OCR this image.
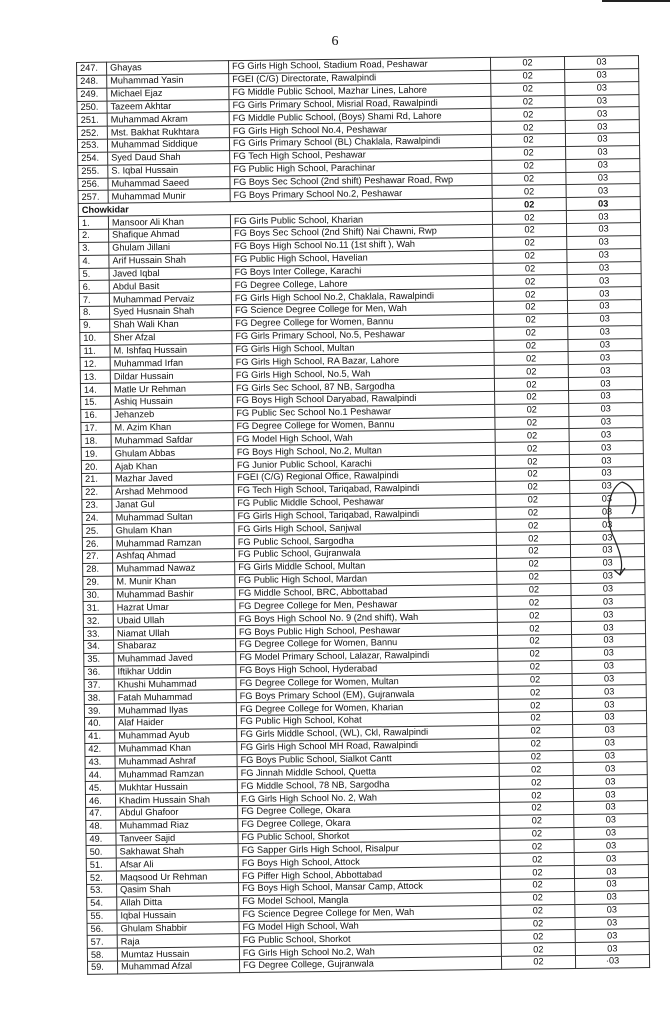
6
247.	Ghayas	FG Girls High School, Stadium Road, Peshawar	02	03
248.	Muhammad Yasin	FGEI (C/G) Directorate, Rawalpindi	02	03
249.	Michael Ejaz	FG Middle Public School, Mazhar Lines, Lahore	02	03
250.	Tazeem Akhtar	FG Girls Primary School, Misrial Road, Rawalpindi	02	03
251.	Muhammad Akram	FG Middle Public School, (Boys) Shami Rd, Lahore	02	03
252.	Mst. Bakhat Rukhtara	FG Girls High School No.4, Peshawar	02	03
253.	Muhammad Siddique	FG Girls Primary School (BL) Chaklala, Rawalpindi	02	03
254.	Syed Daud Shah	FG Tech High School, Peshawar	02	03
255.	S. Iqbal Hussain	FG Public High School, Parachinar	02	03
256.	Muhammad Saeed	FG Boys Sec School (2nd shift) Peshawar Road, Rwp	02	03
257.	Muhammad Munir	FG Boys Primary School No.2, Peshawar	02	03
Chowkidar			02	03
1.	Mansoor Ali Khan	FG Girls Public School, Kharian	02	03
2.	Shafique Ahmad	FG Boys Sec School (2nd Shift) Nai Chawni, Rwp	02	03
3.	Ghulam Jillani	FG Boys High School No.11 (1st shift ), Wah	02	03
4.	Arif Hussain Shah	FG Public High School, Havelian	02	03
5.	Javed Iqbal	FG Boys Inter College, Karachi	02	03
6.	Abdul Basit	FG Degree College, Lahore	02	03
7.	Muhammad Pervaiz	FG Girls High School No.2, Chaklala, Rawalpindi	02	03
8.	Syed Husnain Shah	FG Science Degree College for Men, Wah	02	03
9.	Shah Wali Khan	FG Degree College for Women, Bannu	02	03
10.	Sher Afzal	FG Girls Primary School, No.5, Peshawar	02	03
11.	M. Ishfaq Hussain	FG Girls High School, Multan	02	03
12.	Muhammad Irfan	FG Girls High School, RA Bazar, Lahore	02	03
13.	Dildar Hussain	FG Girls High School, No.5, Wah	02	03
14.	Matle Ur Rehman	FG Girls Sec School, 87 NB, Sargodha	02	03
15.	Ashiq Hussain	FG Boys High School Daryabad, Rawalpindi	02	03
16.	Jehanzeb	FG Public Sec School No.1 Peshawar	02	03
17.	M. Azim Khan	FG Degree College for Women, Bannu	02	03
18.	Muhammad Safdar	FG Model High School, Wah	02	03
19.	Ghulam Abbas	FG Boys High School, No.2, Multan	02	03
20.	Ajab Khan	FG Junior Public School, Karachi	02	03
21.	Mazhar Javed	FGEI (C/G) Regional Office, Rawalpindi	02	03
22.	Arshad Mehmood	FG Tech High School, Tariqabad, Rawalpindi	02	03
23.	Janat Gul	FG Public Middle School, Peshawar	02	03
24.	Muhammad Sultan	FG Girls High School, Tariqabad, Rawalpindi	02	03
25.	Ghulam Khan	FG Girls High School, Sanjwal	02	03
26.	Muhammad Ramzan	FG Public School, Sargodha	02	03
27.	Ashfaq Ahmad	FG Public School, Gujranwala	02	03
28.	Muhammad Nawaz	FG Girls Middle School, Multan	02	03
29.	M. Munir Khan	FG Public High School, Mardan	02	03
30.	Muhammad Bashir	FG Middle School, BRC, Abbottabad	02	03
31.	Hazrat Umar	FG Degree College for Men, Peshawar	02	03
32.	Ubaid Ullah	FG Boys High School No. 9 (2nd shift), Wah	02	03
33.	Niamat Ullah	FG Boys Public High School, Peshawar	02	03
34.	Shabaraz	FG Degree College for Women, Bannu	02	03
35.	Muhammad Javed	FG Model Primary School, Lalazar, Rawalpindi	02	03
36.	Iftikhar Uddin	FG Boys High School, Hyderabad	02	03
37.	Khushi Muhammad	FG Degree College for Women, Multan	02	03
38.	Fatah Muhammad	FG Boys Primary School (EM), Gujranwala	02	03
39.	Muhammad Ilyas	FG Degree College for Women, Kharian	02	03
40.	Alaf Haider	FG Public High School, Kohat	02	03
41.	Muhammad Ayub	FG Girls Middle School, (WL), Ckl, Rawalpindi	02	03
42.	Muhammad Khan	FG Girls High School MH Road, Rawalpindi	02	03
43.	Muhammad Ashraf	FG Boys Public School, Sialkot Cantt	02	03
44.	Muhammad Ramzan	FG Jinnah Middle School, Quetta	02	03
45.	Mukhtar Hussain	FG Middle School, 78 NB, Sargodha	02	03
46.	Khadim Hussain Shah	F.G Girls High School No. 2, Wah	02	03
47.	Abdul Ghafoor	FG Degree College, Okara	02	03
48.	Muhammad Riaz	FG Degree College, Okara	02	03
49.	Tanveer Sajid	FG Public School, Shorkot	02	03
50.	Sakhawat Shah	FG Sapper Girls High School, Risalpur	02	03
51.	Afsar Ali	FG Boys High School, Attock	02	03
52.	Maqsood Ur Rehman	FG Piffer High School, Abbottabad	02	03
53.	Qasim Shah	FG Boys High School, Mansar Camp, Attock	02	03
54.	Allah Ditta	FG Model School, Mangla	02	03
55.	Iqbal Hussain	FG Science Degree College for Men, Wah	02	03
56.	Ghulam Shabbir	FG Model High School, Wah	02	03
57.	Raja	FG Public School, Shorkot	02	03
58.	Mumtaz Hussain	FG Girls High School No.2, Wah	02	03
59.	Muhammad Afzal	FG Degree College, Gujranwala	02	·03
